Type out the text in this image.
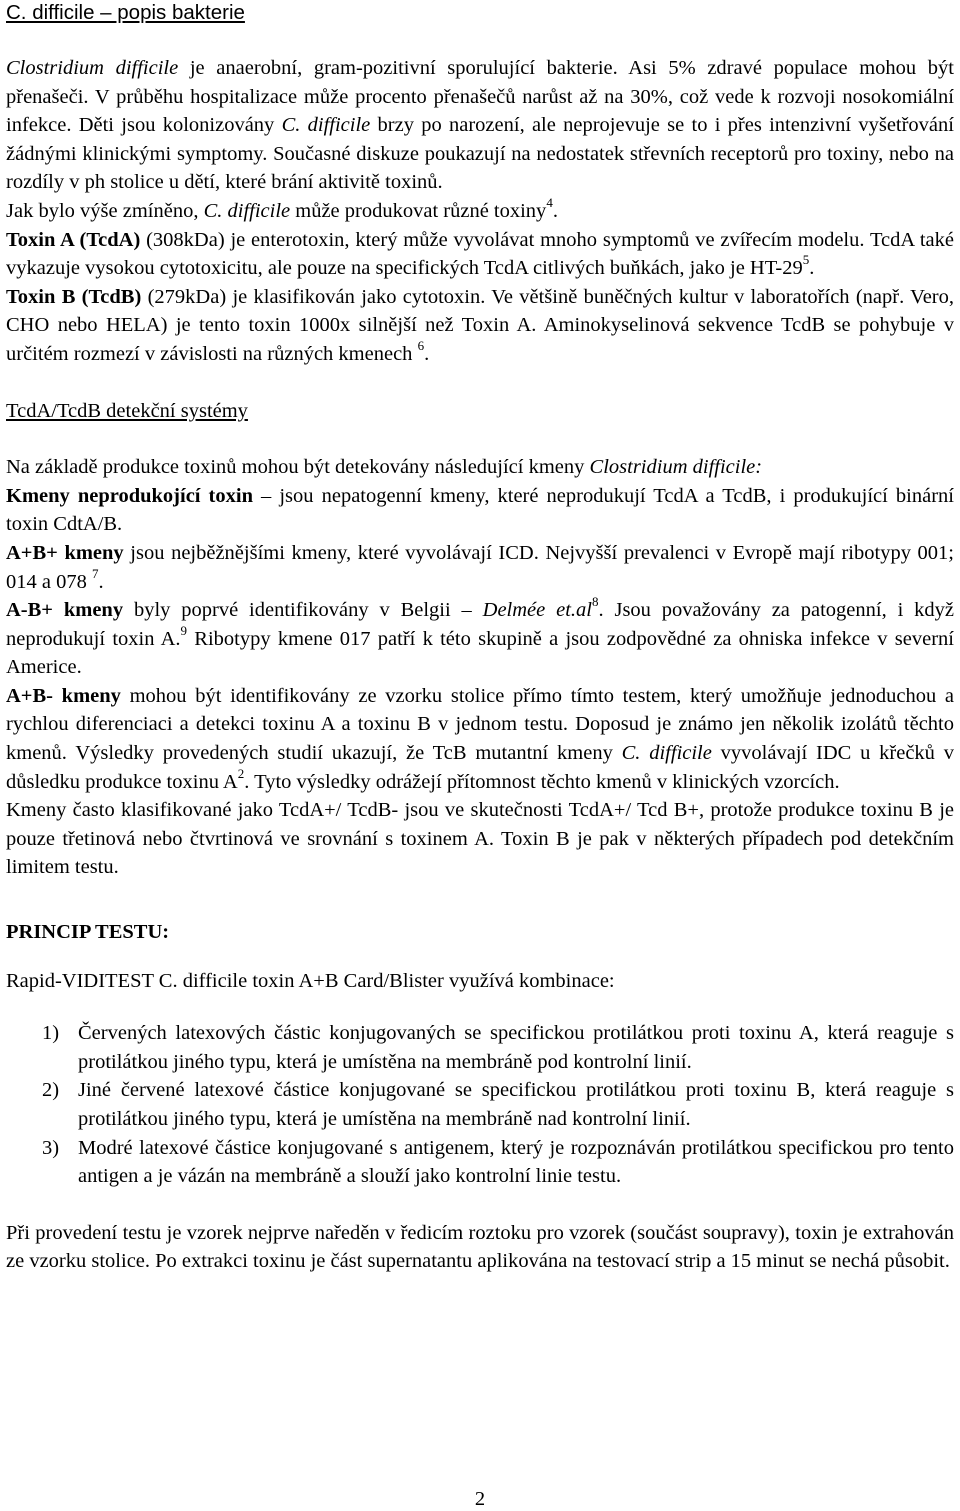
C. difficile – popis bakterie

Clostridium difficile je anaerobní, gram-pozitivní sporulující bakterie. Asi 5% zdravé populace mohou být přenašeči. V průběhu hospitalizace může procento přenašečů narůst až na 30%, což vede k rozvoji nosokomiální infekce. Děti jsou kolonizovány C. difficile brzy po narození, ale neprojevuje se to i přes intenzivní vyšetřování žádnými klinickými symptomy. Současné diskuze poukazují na nedostatek střevních receptorů pro toxiny, nebo na rozdíly v ph stolice u dětí, které brání aktivitě toxinů.

Jak bylo výše zmíněno, C. difficile může produkovat různé toxiny$^4$.

Toxin A (TcdA) (308kDa) je enterotoxin, který může vyvolávat mnoho symptomů ve zvířecím modelu. TcdA také vykazuje vysokou cytotoxicitu, ale pouze na specifických TcdA citlivých buňkách, jako je $HT-29^5$.

Toxin B (TcdB) (279kDa) je klasifikován jako cytotoxin. Ve většině buněčných kultur v laboratořích (např. Vero, CHO nebo HELA) je tento toxin 1000x silnější než Toxin A. Aminokyselinová sekvence TcdB se pohybuje v určitém rozmezí v závislosti na různých kmenech $^6$.

TcdA/TcdB detekční systémy

Na základě produkce toxinů mohou být detekovány následující kmeny Clostridium difficile:

Kmeny neprodukojící toxin – jsou nepatogenní kmeny, které neprodukují TcdA a TcdB, i produkující binární toxin CdtA/B.

A+B+ kmeny jsou nejběžnějšími kmeny, které vyvolávají ICD. Nejvyšší prevalenci v Evropě mají ribotypy 001; 014 a 078 $^7$.

A-B+ kmeny byly poprvé identifikovány v Belgii – Delmée $et.al^8$. Jsou považovány za patogenní, i když neprodukují toxin A.$^9$ Ribotypy kmene 017 patří k této skupině a jsou zodpovědné za ohniska infekce v severní Americe.

A+B- kmeny mohou být identifikovány ze vzorku stolice přímo tímto testem, který umožňuje jednoduchou a rychlou diferenciaci a detekci toxinu A a toxinu B v jednom testu. Doposud je známo jen několik izolátů těchto kmenů. Výsledky provedených studií ukazují, že TcB mutantní kmeny C. difficile vyvolávají IDC u křečků v důsledku produkce toxinu $A^2$. Tyto výsledky odrážejí přítomnost těchto kmenů v klinických vzorcích.

Kmeny často klasifikované jako TcdA+/ TcdB- jsou ve skutečnosti TcdA+/ Tcd B+, protože produkce toxinu B je pouze třetinová nebo čtvrtinová ve srovnání s toxinem A. Toxin B je pak v některých případech pod detekčním limitem testu.

PRINCIP TESTU:

Rapid-VIDITEST C. difficile toxin A+B Card/Blister využívá kombinace:

1) Červených latexových částic konjugovaných se specifickou protilátkou proti toxinu A, která reaguje s protilátkou jiného typu, která je umístěna na membráně pod kontrolní linií.
2) Jiné červené latexové částice konjugované se specifickou protilátkou proti toxinu B, která reaguje s protilátkou jiného typu, která je umístěna na membráně nad kontrolní linií.
3) Modré latexové částice konjugované s antigenem, který je rozpoznáván protilátkou specifickou pro tento antigen a je vázán na membráně a slouží jako kontrolní linie testu.

Při provedení testu je vzorek nejprve naředěn v ředicím roztoku pro vzorek (součást soupravy), toxin je extrahován ze vzorku stolice. Po extrakci toxinu je část supernatantu aplikována na testovací strip a 15 minut se nechá působit.

2
